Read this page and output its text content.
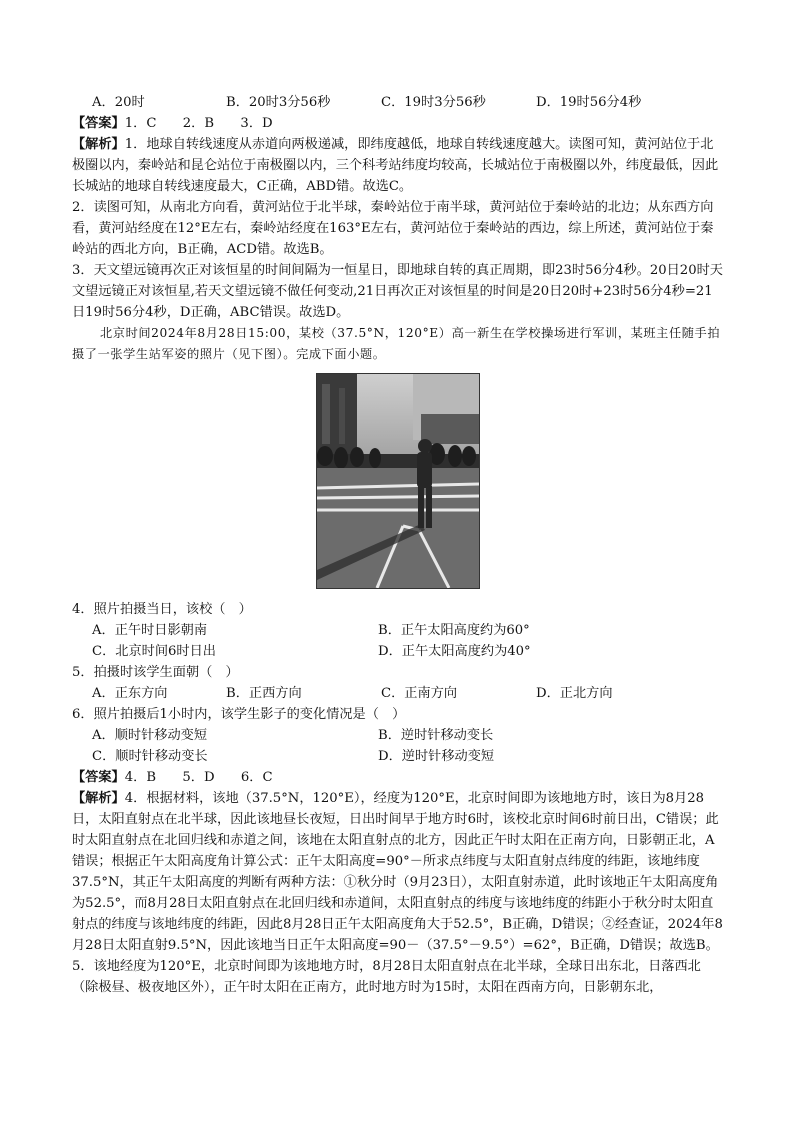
A．20时	B．20时3分56秒	C．19时3分56秒	D．19时56分4秒
【答案】1．C　　2．B　　3．D
【解析】1．地球自转线速度从赤道向两极递减，即纬度越低，地球自转线速度越大。读图可知，黄河站位于北极圈以内，秦岭站和昆仑站位于南极圈以内，三个科考站纬度均较高，长城站位于南极圈以外，纬度最低，因此长城站的地球自转线速度最大，C正确，ABD错。故选C。
2．读图可知，从南北方向看，黄河站位于北半球，秦岭站位于南半球，黄河站位于秦岭站的北边；从东西方向看，黄河站经度在12°E左右，秦岭站经度在163°E左右，黄河站位于秦岭站的西边，综上所述，黄河站位于秦岭站的西北方向，B正确，ACD错。故选B。
3．天文望远镜再次正对该恒星的时间间隔为一恒星日，即地球自转的真正周期，即23时56分4秒。20日20时天文望远镜正对该恒星,若天文望远镜不做任何变动,21日再次正对该恒星的时间是20日20时+23时56分4秒=21日19时56分4秒，D正确，ABC错误。故选D。
北京时间2024年8月28日15:00，某校（37.5°N，120°E）高一新生在学校操场进行军训，某班主任随手拍摄了一张学生站军姿的照片（见下图）。完成下面小题。
4．照片拍摄当日，该校（　）
A．正午时日影朝南	B．正午太阳高度约为60°
C．北京时间6时日出	D．正午太阳高度约为40°
5．拍摄时该学生面朝（　）
A．正东方向	B．正西方向	C．正南方向	D．正北方向
6．照片拍摄后1小时内，该学生影子的变化情况是（　）
A．顺时针移动变短	B．逆时针移动变长
C．顺时针移动变长	D．逆时针移动变短
【答案】4．B　　5．D　　6．C
【解析】4．根据材料，该地（37.5°N，120°E），经度为120°E，北京时间即为该地地方时，该日为8月28日，太阳直射点在北半球，因此该地昼长夜短，日出时间早于地方时6时，该校北京时间6时前日出，C错误；此时太阳直射点在北回归线和赤道之间，该地在太阳直射点的北方，因此正午时太阳在正南方向，日影朝正北，A错误；根据正午太阳高度角计算公式：正午太阳高度=90°－所求点纬度与太阳直射点纬度的纬距，该地纬度37.5°N，其正午太阳高度的判断有两种方法：①秋分时（9月23日），太阳直射赤道，此时该地正午太阳高度角为52.5°，而8月28日太阳直射点在北回归线和赤道间，太阳直射点的纬度与该地纬度的纬距小于秋分时太阳直射点的纬度与该地纬度的纬距，因此8月28日正午太阳高度角大于52.5°，B正确，D错误；②经查证，2024年8月28日太阳直射9.5°N，因此该地当日正午太阳高度=90－（37.5°－9.5°）=62°，B正确，D错误；故选B。
5．该地经度为120°E，北京时间即为该地地方时，8月28日太阳直射点在北半球，全球日出东北，日落西北（除极昼、极夜地区外），正午时太阳在正南方，此时地方时为15时，太阳在西南方向，日影朝东北，
